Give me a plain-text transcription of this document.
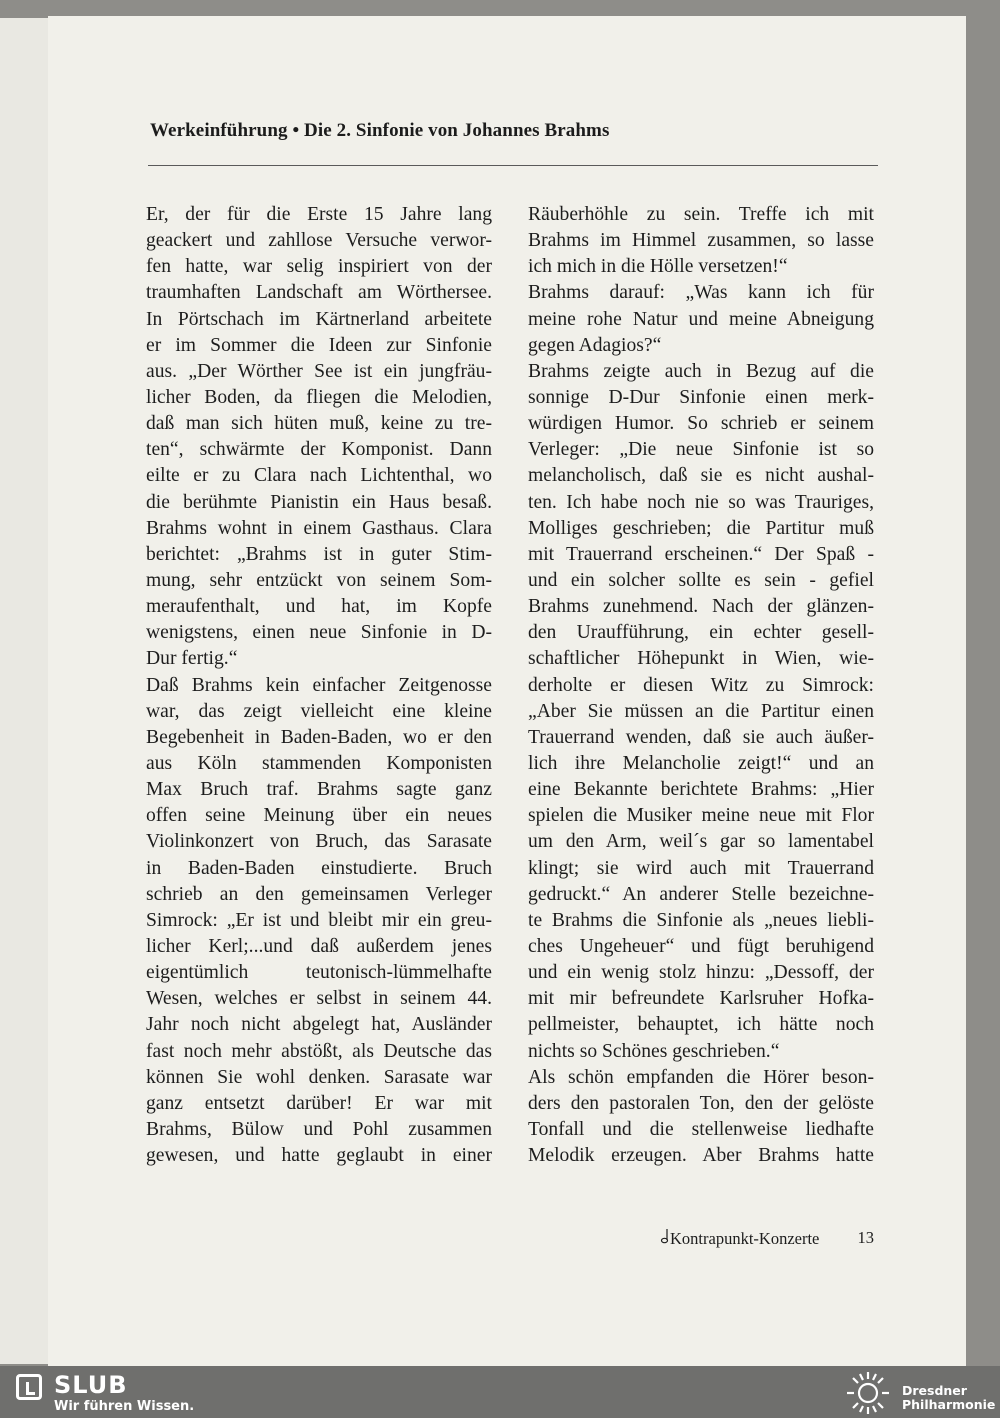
Werkeinführung • Die 2. Sinfonie von Johannes Brahms
Er, der für die Erste 15 Jahre lang
geackert und zahllose Versuche verwor-
fen hatte, war selig inspiriert von der
traumhaften Landschaft am Wörthersee.
In Pörtschach im Kärtnerland arbeitete
er im Sommer die Ideen zur Sinfonie
aus. „Der Wörther See ist ein jungfräu-
licher Boden, da fliegen die Melodien,
daß man sich hüten muß, keine zu tre-
ten“, schwärmte der Komponist. Dann
eilte er zu Clara nach Lichtenthal, wo
die berühmte Pianistin ein Haus besaß.
Brahms wohnt in einem Gasthaus. Clara
berichtet: „Brahms ist in guter Stim-
mung, sehr entzückt von seinem Som-
meraufenthalt, und hat, im Kopfe
wenigstens, einen neue Sinfonie in D-
Dur fertig.“
Daß Brahms kein einfacher Zeitgenosse
war, das zeigt vielleicht eine kleine
Begebenheit in Baden-Baden, wo er den
aus Köln stammenden Komponisten
Max Bruch traf. Brahms sagte ganz
offen seine Meinung über ein neues
Violinkonzert von Bruch, das Sarasate
in Baden-Baden einstudierte. Bruch
schrieb an den gemeinsamen Verleger
Simrock: „Er ist und bleibt mir ein greu-
licher Kerl;...und daß außerdem jenes
eigentümlich teutonisch-lümmelhafte
Wesen, welches er selbst in seinem 44.
Jahr noch nicht abgelegt hat, Ausländer
fast noch mehr abstößt, als Deutsche das
können Sie wohl denken. Sarasate war
ganz entsetzt darüber! Er war mit
Brahms, Bülow und Pohl zusammen
gewesen, und hatte geglaubt in einer
Räuberhöhle zu sein. Treffe ich mit
Brahms im Himmel zusammen, so lasse
ich mich in die Hölle versetzen!“
Brahms darauf: „Was kann ich für
meine rohe Natur und meine Abneigung
gegen Adagios?“
Brahms zeigte auch in Bezug auf die
sonnige D-Dur Sinfonie einen merk-
würdigen Humor. So schrieb er seinem
Verleger: „Die neue Sinfonie ist so
melancholisch, daß sie es nicht aushal-
ten. Ich habe noch nie so was Trauriges,
Molliges geschrieben; die Partitur muß
mit Trauerrand erscheinen.“ Der Spaß -
und ein solcher sollte es sein - gefiel
Brahms zunehmend. Nach der glänzen-
den Uraufführung, ein echter gesell-
schaftlicher Höhepunkt in Wien, wie-
derholte er diesen Witz zu Simrock:
„Aber Sie müssen an die Partitur einen
Trauerrand wenden, daß sie auch äußer-
lich ihre Melancholie zeigt!“ und an
eine Bekannte berichtete Brahms: „Hier
spielen die Musiker meine neue mit Flor
um den Arm, weil´s gar so lamentabel
klingt; sie wird auch mit Trauerrand
gedruckt.“ An anderer Stelle bezeichne-
te Brahms die Sinfonie als „neues liebli-
ches Ungeheuer“ und fügt beruhigend
und ein wenig stolz hinzu: „Dessoff, der
mit mir befreundete Karlsruher Hofka-
pellmeister, behauptet, ich hätte noch
nichts so Schönes geschrieben.“
Als schön empfanden die Hörer beson-
ders den pastoralen Ton, den der gelöste
Tonfall und die stellenweise liedhafte
Melodik erzeugen. Aber Brahms hatte
Kontrapunkt-Konzerte 13
SLUB
Wir führen Wissen.
Dresdner
Philharmonie
